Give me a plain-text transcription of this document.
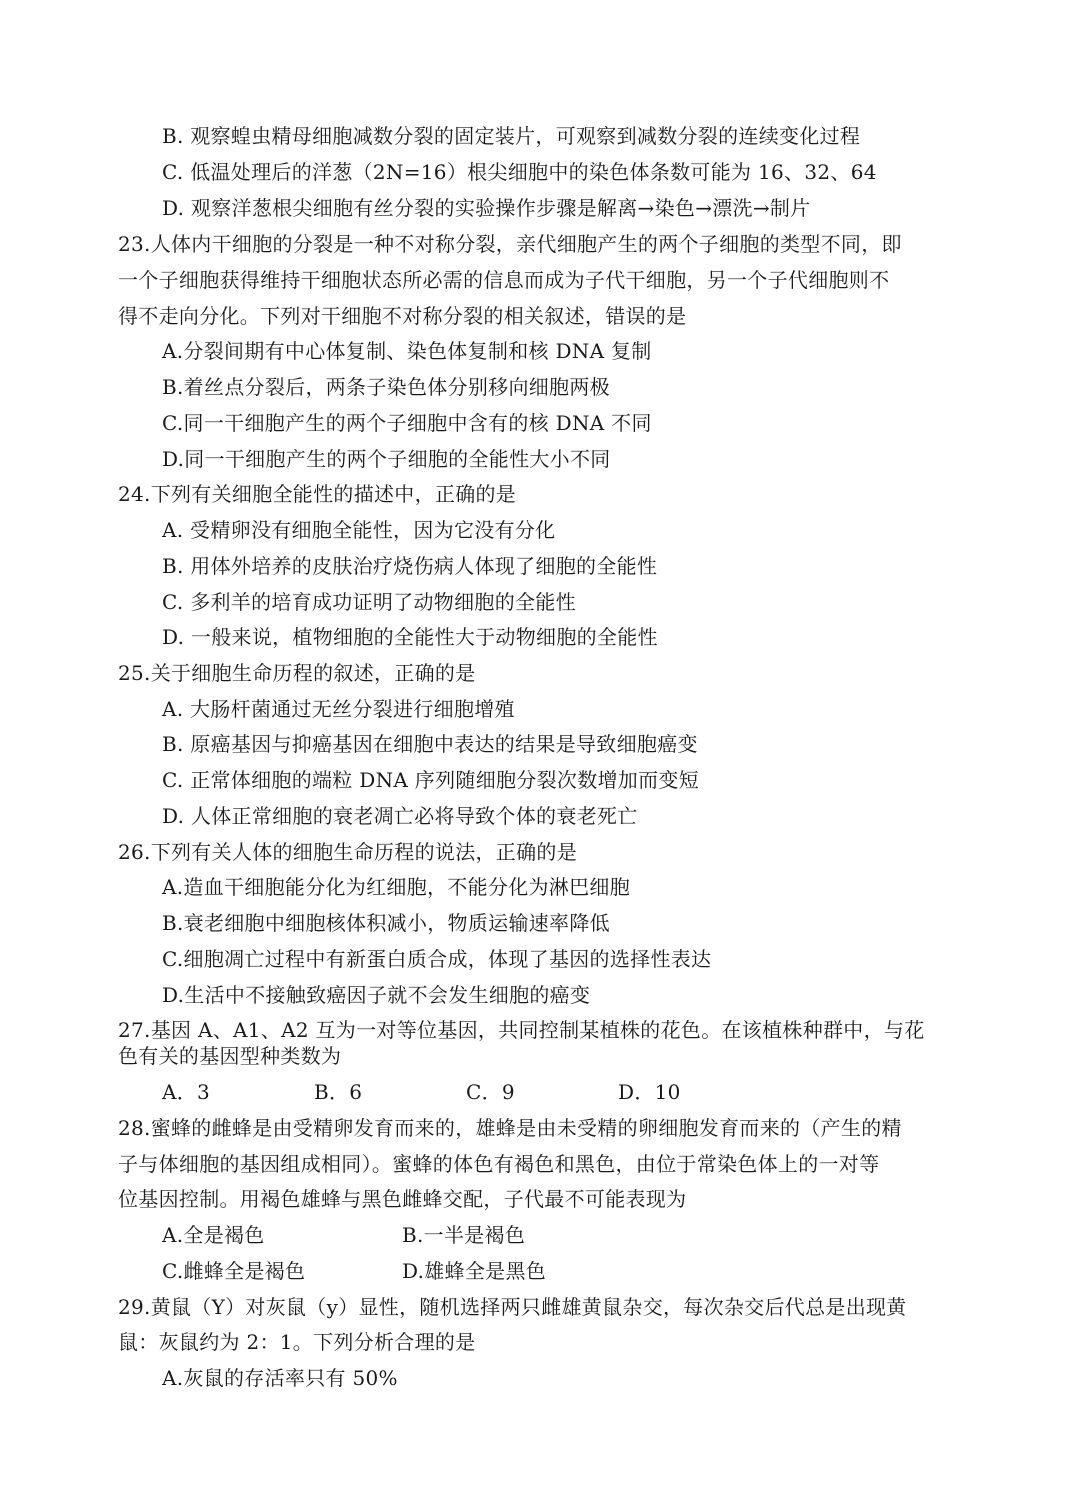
B. 观察蝗虫精母细胞减数分裂的固定装片，可观察到减数分裂的连续变化过程
C. 低温处理后的洋葱（2N=16）根尖细胞中的染色体条数可能为 16、32、64
D. 观察洋葱根尖细胞有丝分裂的实验操作步骤是解离→染色→漂洗→制片
23.人体内干细胞的分裂是一种不对称分裂，亲代细胞产生的两个子细胞的类型不同，即
一个子细胞获得维持干细胞状态所必需的信息而成为子代干细胞，另一个子代细胞则不
得不走向分化。下列对干细胞不对称分裂的相关叙述，错误的是
A.分裂间期有中心体复制、染色体复制和核 DNA 复制
B.着丝点分裂后，两条子染色体分别移向细胞两极
C.同一干细胞产生的两个子细胞中含有的核 DNA 不同
D.同一干细胞产生的两个子细胞的全能性大小不同
24.下列有关细胞全能性的描述中，正确的是
A. 受精卵没有细胞全能性，因为它没有分化
B. 用体外培养的皮肤治疗烧伤病人体现了细胞的全能性
C. 多利羊的培育成功证明了动物细胞的全能性
D. 一般来说，植物细胞的全能性大于动物细胞的全能性
25.关于细胞生命历程的叙述，正确的是
A. 大肠杆菌通过无丝分裂进行细胞增殖
B. 原癌基因与抑癌基因在细胞中表达的结果是导致细胞癌变
C. 正常体细胞的端粒 DNA 序列随细胞分裂次数增加而变短
D. 人体正常细胞的衰老凋亡必将导致个体的衰老死亡
26.下列有关人体的细胞生命历程的说法，正确的是
A.造血干细胞能分化为红细胞，不能分化为淋巴细胞
B.衰老细胞中细胞核体积减小，物质运输速率降低
C.细胞凋亡过程中有新蛋白质合成，体现了基因的选择性表达
D.生活中不接触致癌因子就不会发生细胞的癌变
27.基因 A、A1、A2 互为一对等位基因，共同控制某植株的花色。在该植株种群中，与花
色有关的基因型种类数为
A．3	B．6	C．9	D．10
28.蜜蜂的雌蜂是由受精卵发育而来的，雄蜂是由未受精的卵细胞发育而来的（产生的精
子与体细胞的基因组成相同）。蜜蜂的体色有褐色和黑色，由位于常染色体上的一对等
位基因控制。用褐色雄蜂与黑色雌蜂交配，子代最不可能表现为
A.全是褐色	B.一半是褐色
C.雌蜂全是褐色	D.雄蜂全是黑色
29.黄鼠（Y）对灰鼠（y）显性，随机选择两只雌雄黄鼠杂交，每次杂交后代总是出现黄
鼠：灰鼠约为 2：1。下列分析合理的是
A.灰鼠的存活率只有 50%
